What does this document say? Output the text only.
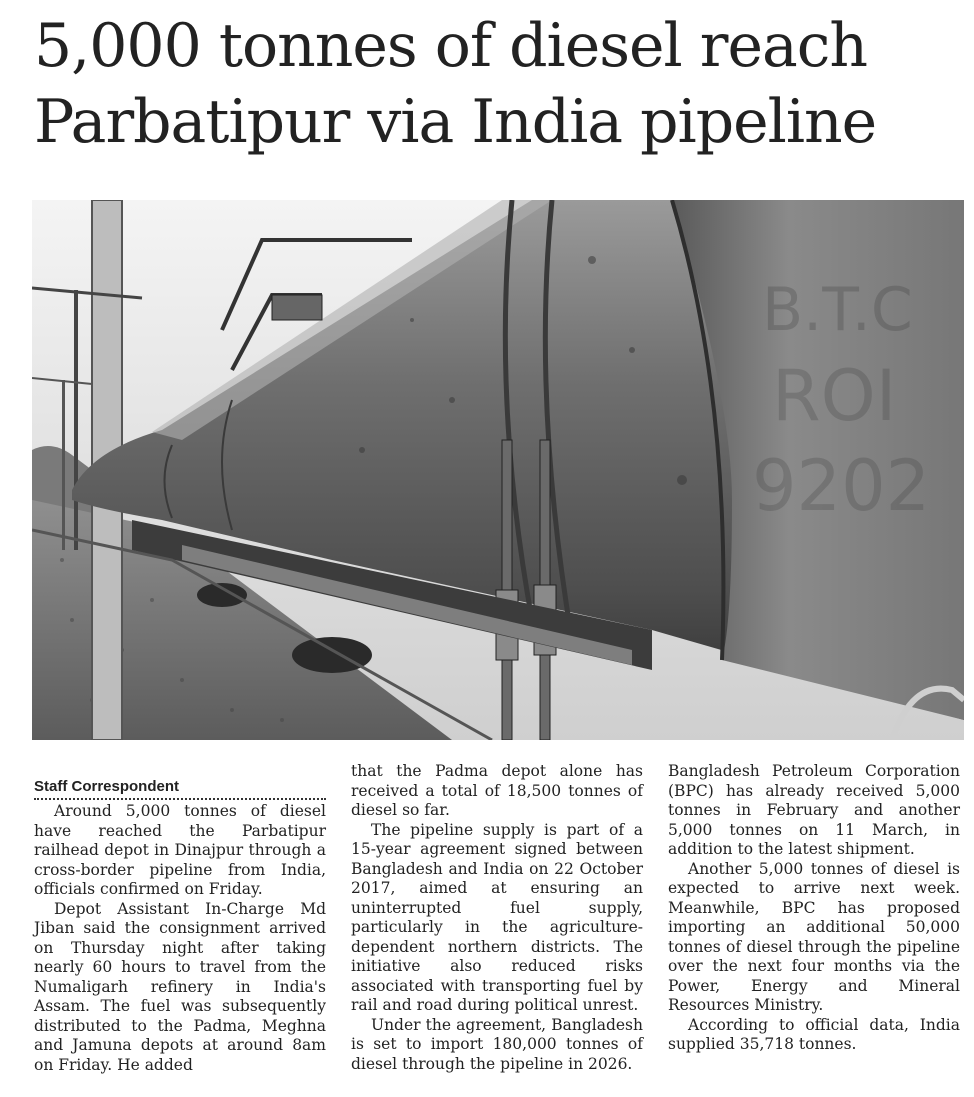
5,000 tonnes of diesel reach Parbatipur via India pipeline
B.T.C
ROI
9202
Staff Correspondent

Around 5,000 tonnes of diesel have reached the Parbatipur railhead depot in Dinajpur through a cross-border pipeline from India, officials confirmed on Friday.

Depot Assistant In-Charge Md Jiban said the consignment arrived on Thursday night after taking nearly 60 hours to travel from the Numaligarh refinery in India's Assam. The fuel was subsequently distributed to the Padma, Meghna and Jamuna depots at around 8am on Friday. He added

that the Padma depot alone has received a total of 18,500 tonnes of diesel so far.

The pipeline supply is part of a 15-year agreement signed between Bangladesh and India on 22 October 2017, aimed at ensuring an uninterrupted fuel supply, particularly in the agriculture-dependent northern districts. The initiative also reduced risks associated with transporting fuel by rail and road during political unrest.

Under the agreement, Bangladesh is set to import 180,000 tonnes of diesel through the pipeline in 2026.

Bangladesh Petroleum Corporation (BPC) has already received 5,000 tonnes in February and another 5,000 tonnes on 11 March, in addition to the latest shipment.

Another 5,000 tonnes of diesel is expected to arrive next week. Meanwhile, BPC has proposed importing an additional 50,000 tonnes of diesel through the pipeline over the next four months via the Power, Energy and Mineral Resources Ministry.

According to official data, India supplied 35,718 tonnes.
